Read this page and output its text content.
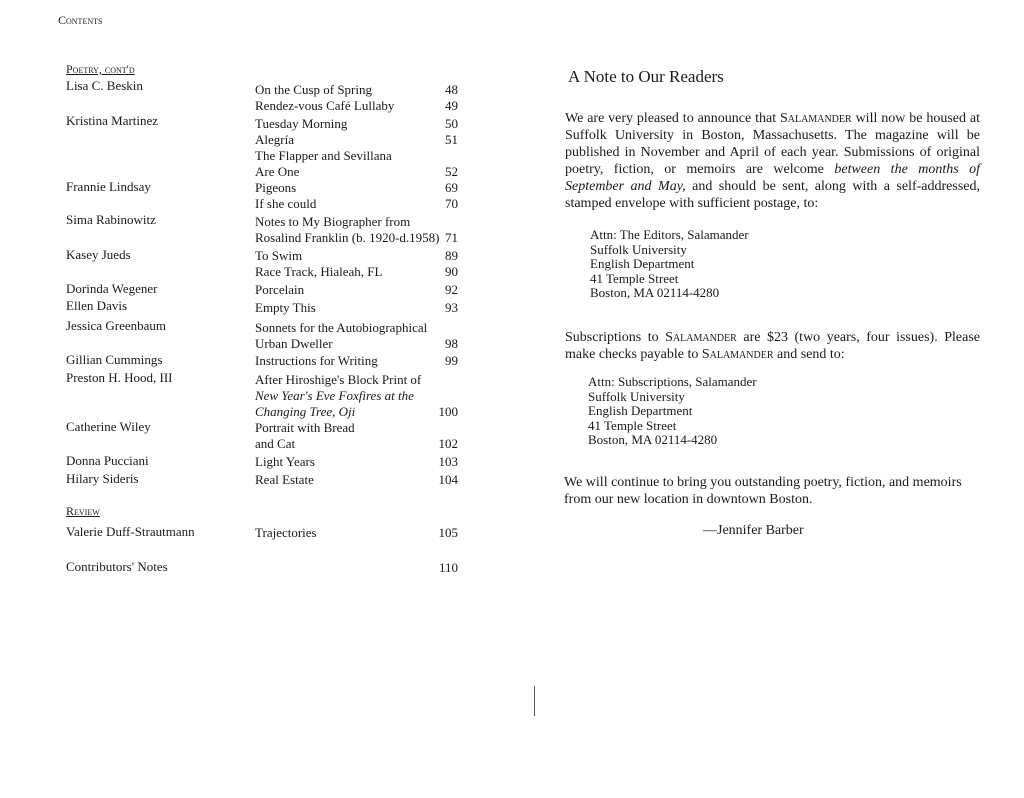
Contents
Poetry, cont'd
Review
Lisa C. Beskin	On the Cusp of Spring	48
Rendez-vous Café Lullaby	49
Kristina Martinez	Tuesday Morning	50
Alegría	51
The Flapper and Sevillana
Are One	52
Frannie Lindsay	Pigeons	69
If she could	70
Sima Rabinowitz	Notes to My Biographer from
Rosalind Franklin (b. 1920-d.1958) 71
Kasey Jueds	To Swim	89
Race Track, Hialeah, FL	90
Dorinda Wegener	Porcelain	92
Ellen Davis	Empty This	93
Jessica Greenbaum	Sonnets for the Autobiographical
Urban Dweller	98
Gillian Cummings	Instructions for Writing	99
Preston H. Hood, III	After Hiroshige's Block Print of
New Year's Eve Foxfires at the
Changing Tree, Oji	100
Catherine Wiley	Portrait with Bread
and Cat	102
Donna Pucciani	Light Years	103
Hilary Sideris	Real Estate	104
Valerie Duff-Strautmann	Trajectories	105
Contributors' Notes	110
A Note to Our Readers
We are very pleased to announce that Salamander will now be housed at Suffolk University in Boston, Massachusetts. The magazine will be published in November and April of each year. Submissions of original poetry, fiction, or memoirs are welcome between the months of September and May, and should be sent, along with a self-addressed, stamped envelope with sufficient postage, to:
Attn: The Editors, Salamander
Suffolk University
English Department
41 Temple Street
Boston, MA 02114-4280
Subscriptions to Salamander are $23 (two years, four issues). Please make checks payable to Salamander and send to:
Attn: Subscriptions, Salamander
Suffolk University
English Department
41 Temple Street
Boston, MA 02114-4280
We will continue to bring you outstanding poetry, fiction, and memoirs from our new location in downtown Boston.
—Jennifer Barber
